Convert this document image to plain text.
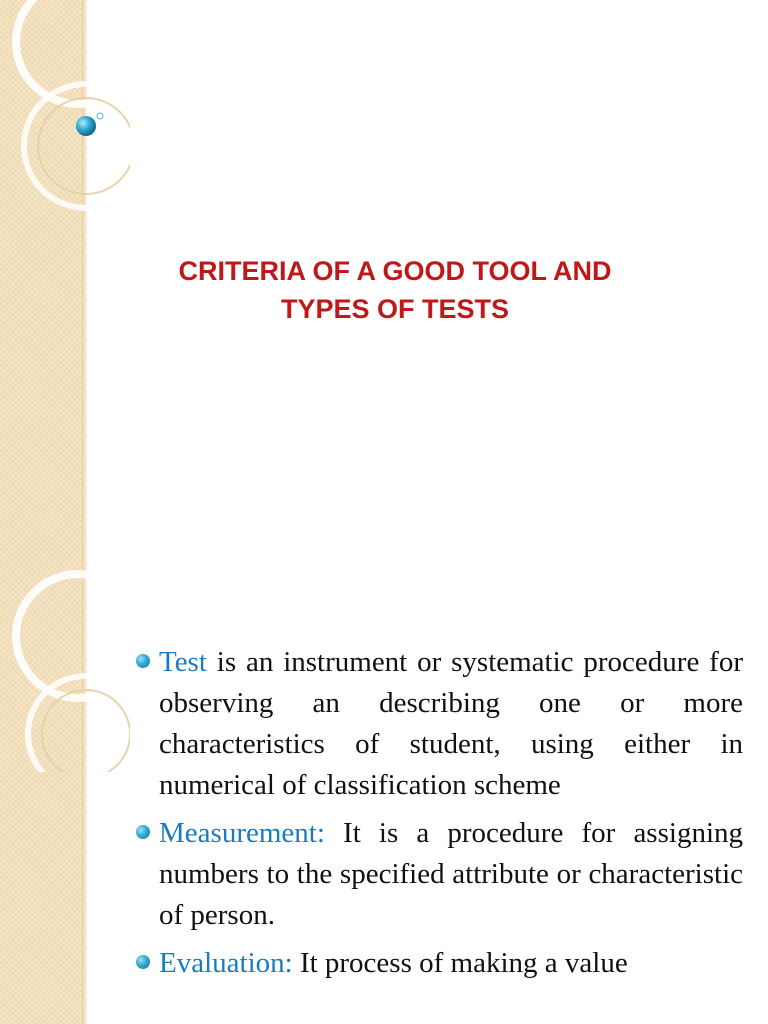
CRITERIA OF A GOOD TOOL AND
TYPES OF TESTS
Test is an instrument or systematic procedure for observing an describing one or more characteristics of student, using either in numerical of classification scheme
Measurement: It is a procedure for assigning numbers to the specified attribute or characteristic of person.
Evaluation: It process of making a value
